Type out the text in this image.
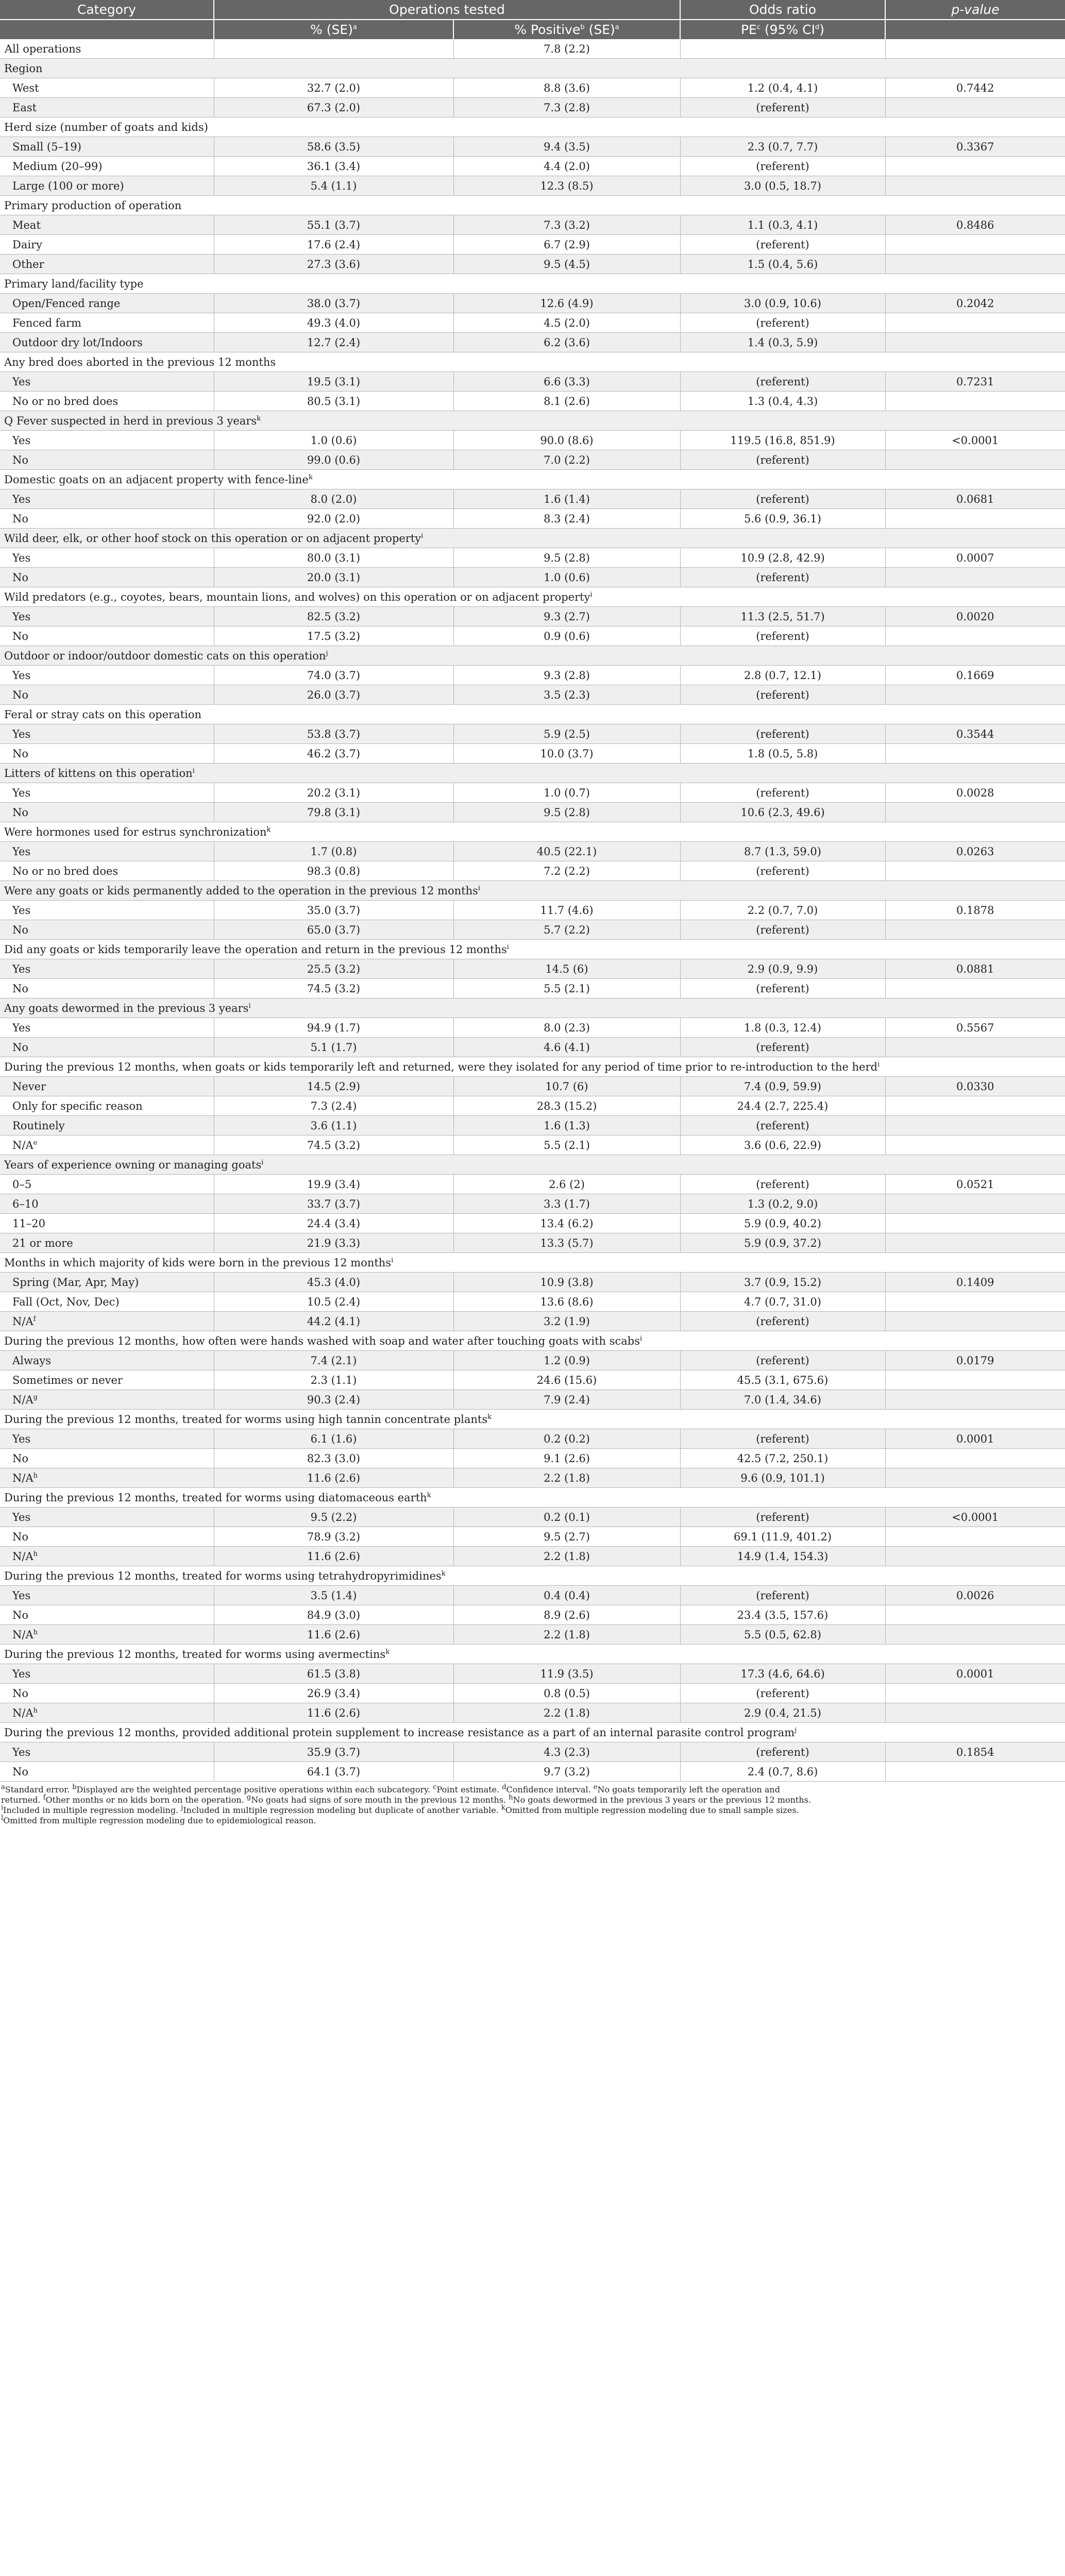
Category	Operations tested		Odds ratio	p-value
	% (SE)$^a$	% Positive$^b$ (SE)$^a$	$PE^c$ (95% $CI^d$)	
All operations		7.8 (2.2)		
Region				
West	32.7 (2.0)	8.8 (3.6)	1.2 (0.4, 4.1)	0.7442
East	67.3 (2.0)	7.3 (2.8)	(referent)	
Herd size (number of goats and kids)				
Small (5–19)	58.6 (3.5)	9.4 (3.5)	2.3 (0.7, 7.7)	0.3367
Medium (20–99)	36.1 (3.4)	4.4 (2.0)	(referent)	
Large (100 or more)	5.4 (1.1)	12.3 (8.5)	3.0 (0.5, 18.7)	
Primary production of operation				
Meat	55.1 (3.7)	7.3 (3.2)	1.1 (0.3, 4.1)	0.8486
Dairy	17.6 (2.4)	6.7 (2.9)	(referent)	
Other	27.3 (3.6)	9.5 (4.5)	1.5 (0.4, 5.6)	
Primary land/facility type				
Open/Fenced range	38.0 (3.7)	12.6 (4.9)	3.0 (0.9, 10.6)	0.2042
Fenced farm	49.3 (4.0)	4.5 (2.0)	(referent)	
Outdoor dry lot/Indoors	12.7 (2.4)	6.2 (3.6)	1.4 (0.3, 5.9)	
Any bred does aborted in the previous 12 months				
Yes	19.5 (3.1)	6.6 (3.3)	(referent)	0.7231
No or no bred does	80.5 (3.1)	8.1 (2.6)	1.3 (0.4, 4.3)	
Q Fever suspected in herd in previous 3 years$^k$
Yes	1.0 (0.6)	90.0 (8.6)	119.5 (16.8, 851.9)	<0.0001
No	99.0 (0.6)	7.0 (2.2)	(referent)	
Domestic goats on an adjacent property with fence-line$^k$
Yes	8.0 (2.0)	1.6 (1.4)	(referent)	0.0681
No	92.0 (2.0)	8.3 (2.4)	5.6 (0.9, 36.1)	
Wild deer, elk, or other hoof stock on this operation or on adjacent property$^i$
Yes	80.0 (3.1)	9.5 (2.8)	10.9 (2.8, 42.9)	0.0007
No	20.0 (3.1)	1.0 (0.6)	(referent)	
Wild predators (e.g., coyotes, bears, mountain lions, and wolves) on this operation or on adjacent property$^i$
Yes	82.5 (3.2)	9.3 (2.7)	11.3 (2.5, 51.7)	0.0020
No	17.5 (3.2)	0.9 (0.6)	(referent)	
Outdoor or indoor/outdoor domestic cats on this operation$^j$
Yes	74.0 (3.7)	9.3 (2.8)	2.8 (0.7, 12.1)	0.1669
No	26.0 (3.7)	3.5 (2.3)	(referent)	
Feral or stray cats on this operation				
Yes	53.8 (3.7)	5.9 (2.5)	(referent)	0.3544
No	46.2 (3.7)	10.0 (3.7)	1.8 (0.5, 5.8)	
Litters of kittens on this operation$^i$
Yes	20.2 (3.1)	1.0 (0.7)	(referent)	0.0028
No	79.8 (3.1)	9.5 (2.8)	10.6 (2.3, 49.6)	
Were hormones used for estrus synchronization$^k$
Yes	1.7 (0.8)	40.5 (22.1)	8.7 (1.3, 59.0)	0.0263
No or no bred does	98.3 (0.8)	7.2 (2.2)	(referent)	
Were any goats or kids permanently added to the operation in the previous 12 months$^i$
Yes	35.0 (3.7)	11.7 (4.6)	2.2 (0.7, 7.0)	0.1878
No	65.0 (3.7)	5.7 (2.2)	(referent)	
Did any goats or kids temporarily leave the operation and return in the previous 12 months$^i$
Yes	25.5 (3.2)	14.5 (6)	2.9 (0.9, 9.9)	0.0881
No	74.5 (3.2)	5.5 (2.1)	(referent)	
Any goats dewormed in the previous 3 years$^i$
Yes	94.9 (1.7)	8.0 (2.3)	1.8 (0.3, 12.4)	0.5567
No	5.1 (1.7)	4.6 (4.1)	(referent)	
During the previous 12 months, when goats or kids temporarily left and returned, were they isolated for any period of time prior to re-introduction to the herd$^i$
Never	14.5 (2.9)	10.7 (6)	7.4 (0.9, 59.9)	0.0330
Only for specific reason	7.3 (2.4)	28.3 (15.2)	24.4 (2.7, 225.4)	
Routinely	3.6 (1.1)	1.6 (1.3)	(referent)	
$N/A^e$	74.5 (3.2)	5.5 (2.1)	3.6 (0.6, 22.9)	
Years of experience owning or managing goats$^i$
0–5	19.9 (3.4)	2.6 (2)	(referent)	0.0521
6–10	33.7 (3.7)	3.3 (1.7)	1.3 (0.2, 9.0)	
11–20	24.4 (3.4)	13.4 (6.2)	5.9 (0.9, 40.2)	
21 or more	21.9 (3.3)	13.3 (5.7)	5.9 (0.9, 37.2)	
Months in which majority of kids were born in the previous 12 months$^i$
Spring (Mar, Apr, May)	45.3 (4.0)	10.9 (3.8)	3.7 (0.9, 15.2)	0.1409
Fall (Oct, Nov, Dec)	10.5 (2.4)	13.6 (8.6)	4.7 (0.7, 31.0)	
$N/A^f$	44.2 (4.1)	3.2 (1.9)	(referent)	
During the previous 12 months, how often were hands washed with soap and water after touching goats with scabs$^i$
Always	7.4 (2.1)	1.2 (0.9)	(referent)	0.0179
Sometimes or never	2.3 (1.1)	24.6 (15.6)	45.5 (3.1, 675.6)	
$N/A^g$	90.3 (2.4)	7.9 (2.4)	7.0 (1.4, 34.6)	
During the previous 12 months, treated for worms using high tannin concentrate plants$^k$
Yes	6.1 (1.6)	0.2 (0.2)	(referent)	0.0001
No	82.3 (3.0)	9.1 (2.6)	42.5 (7.2, 250.1)	
$N/A^h$	11.6 (2.6)	2.2 (1.8)	9.6 (0.9, 101.1)	
During the previous 12 months, treated for worms using diatomaceous earth$^k$
Yes	9.5 (2.2)	0.2 (0.1)	(referent)	<0.0001
No	78.9 (3.2)	9.5 (2.7)	69.1 (11.9, 401.2)	
$N/A^h$	11.6 (2.6)	2.2 (1.8)	14.9 (1.4, 154.3)	
During the previous 12 months, treated for worms using tetrahydropyrimidines$^k$
Yes	3.5 (1.4)	0.4 (0.4)	(referent)	0.0026
No	84.9 (3.0)	8.9 (2.6)	23.4 (3.5, 157.6)	
$N/A^h$	11.6 (2.6)	2.2 (1.8)	5.5 (0.5, 62.8)	
During the previous 12 months, treated for worms using avermectins$^k$
Yes	61.5 (3.8)	11.9 (3.5)	17.3 (4.6, 64.6)	0.0001
No	26.9 (3.4)	0.8 (0.5)	(referent)	
$N/A^h$	11.6 (2.6)	2.2 (1.8)	2.9 (0.4, 21.5)	
During the previous 12 months, provided additional protein supplement to increase resistance as a part of an internal parasite control program$^j$
Yes	35.9 (3.7)	4.3 (2.3)	(referent)	0.1854
No	64.1 (3.7)	9.7 (3.2)	2.4 (0.7, 8.6)	

$^a$Standard error. $^b$Displayed are the weighted percentage positive operations within each subcategory. $^c$Point estimate. $^d$Confidence interval. $^e$No goats temporarily left the operation and

returned. $^f$Other months or no kids born on the operation. $^g$No goats had signs of sore mouth in the previous 12 months. $^h$No goats dewormed in the previous 3 years or the previous 12 months.

$^i$Included in multiple regression modeling. $^j$Included in multiple regression modeling but duplicate of another variable. $^k$Omitted from multiple regression modeling due to small sample sizes.

$^l$Omitted from multiple regression modeling due to epidemiological reason.
